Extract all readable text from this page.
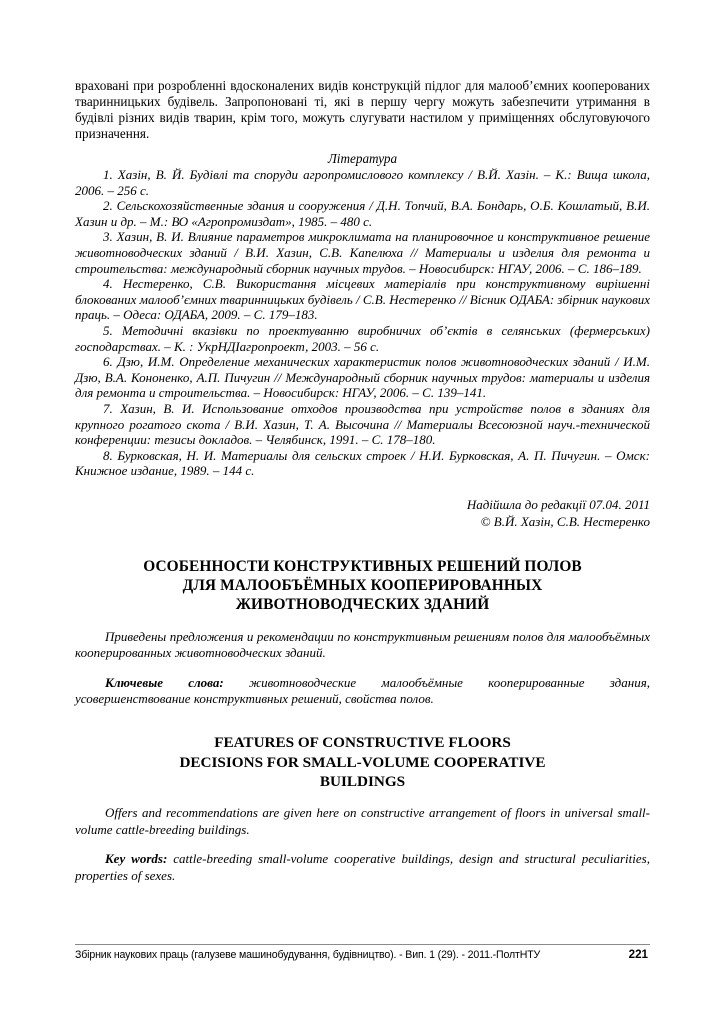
враховані при розробленні вдосконалених видів конструкцій підлог для малооб’ємних кооперованих тваринницьких будівель. Запропоновані ті, які в першу чергу можуть забезпечити утримання в будівлі різних видів тварин, крім того, можуть слугувати настилом у приміщеннях обслуговуючого призначення.

Література

1. Хазін, В. Й. Будівлі та споруди агропромислового комплексу / В.Й. Хазін. – К.: Вища школа, 2006. – 256 с.

2. Сельскохозяйственные здания и сооружения / Д.Н. Топчий, В.А. Бондарь, О.Б. Кошлатый, В.И. Хазин и др. – М.: ВО «Агропромиздат», 1985. – 480 с.

3. Хазин, В. И. Влияние параметров микроклимата на планировочное и конструктивное решение животноводческих зданий / В.И. Хазин, С.В. Капелюха // Материалы и изделия для ремонта и строительства: международный сборник научных трудов. – Новосибирск: НГАУ, 2006. – С. 186–189.

4. Нестеренко, С.В. Використання місцевих матеріалів при конструктивному вирішенні блокованих малооб’ємних тваринницьких будівель / С.В. Нестеренко // Вісник ОДАБА: збірник наукових праць. – Одеса: ОДАБА, 2009. – С. 179–183.

5. Методичні вказівки по проектуванню виробничих об’єктів в селянських (фермерських) господарствах. – К. : УкрНДІагропроект, 2003. – 56 с.

6. Дзю, И.М. Определение механических характеристик полов животноводческих зданий / И.М. Дзю, В.А. Кононенко, А.П. Пичугин // Международный сборник научных трудов: материалы и изделия для ремонта и строительства. – Новосибирск: НГАУ, 2006. – С. 139–141.

7. Хазин, В. И. Использование отходов производства при устройстве полов в зданиях для крупного рогатого скота / В.И. Хазин, Т. А. Высочина // Материалы Всесоюзной науч.-технической конференции: тезисы докладов. – Челябинск, 1991. – С. 178–180.

8. Бурковская, Н. И. Материалы для сельских строек / Н.И. Бурковская, А. П. Пичугин. – Омск: Книжное издание, 1989. – 144 с.

Надійшла до редакції 07.04. 2011
© В.Й. Хазін, С.В. Нестеренко
ОСОБЕННОСТИ КОНСТРУКТИВНЫХ РЕШЕНИЙ ПОЛОВ
ДЛЯ МАЛООБЪЁМНЫХ КООПЕРИРОВАННЫХ
ЖИВОТНОВОДЧЕСКИХ ЗДАНИЙ

Приведены предложения и рекомендации по конструктивным решениям полов для малообъёмных кооперированных животноводческих зданий.

Ключевые слова: животноводческие малообъёмные кооперированные здания, усовершенствование конструктивных решений, свойства полов.

FEATURES OF CONSTRUCTIVE FLOORS
DECISIONS FOR SMALL-VOLUME COOPERATIVE
BUILDINGS

Offers and recommendations are given here on constructive arrangement of floors in universal small-volume cattle-breeding buildings.

Key words: cattle-breeding small-volume cooperative buildings, design and structural peculiarities, properties of sexes.

Збірник наукових праць (галузеве машинобудування, будівництво). - Вип. 1 (29). - 2011.-ПолтНТУ	221
